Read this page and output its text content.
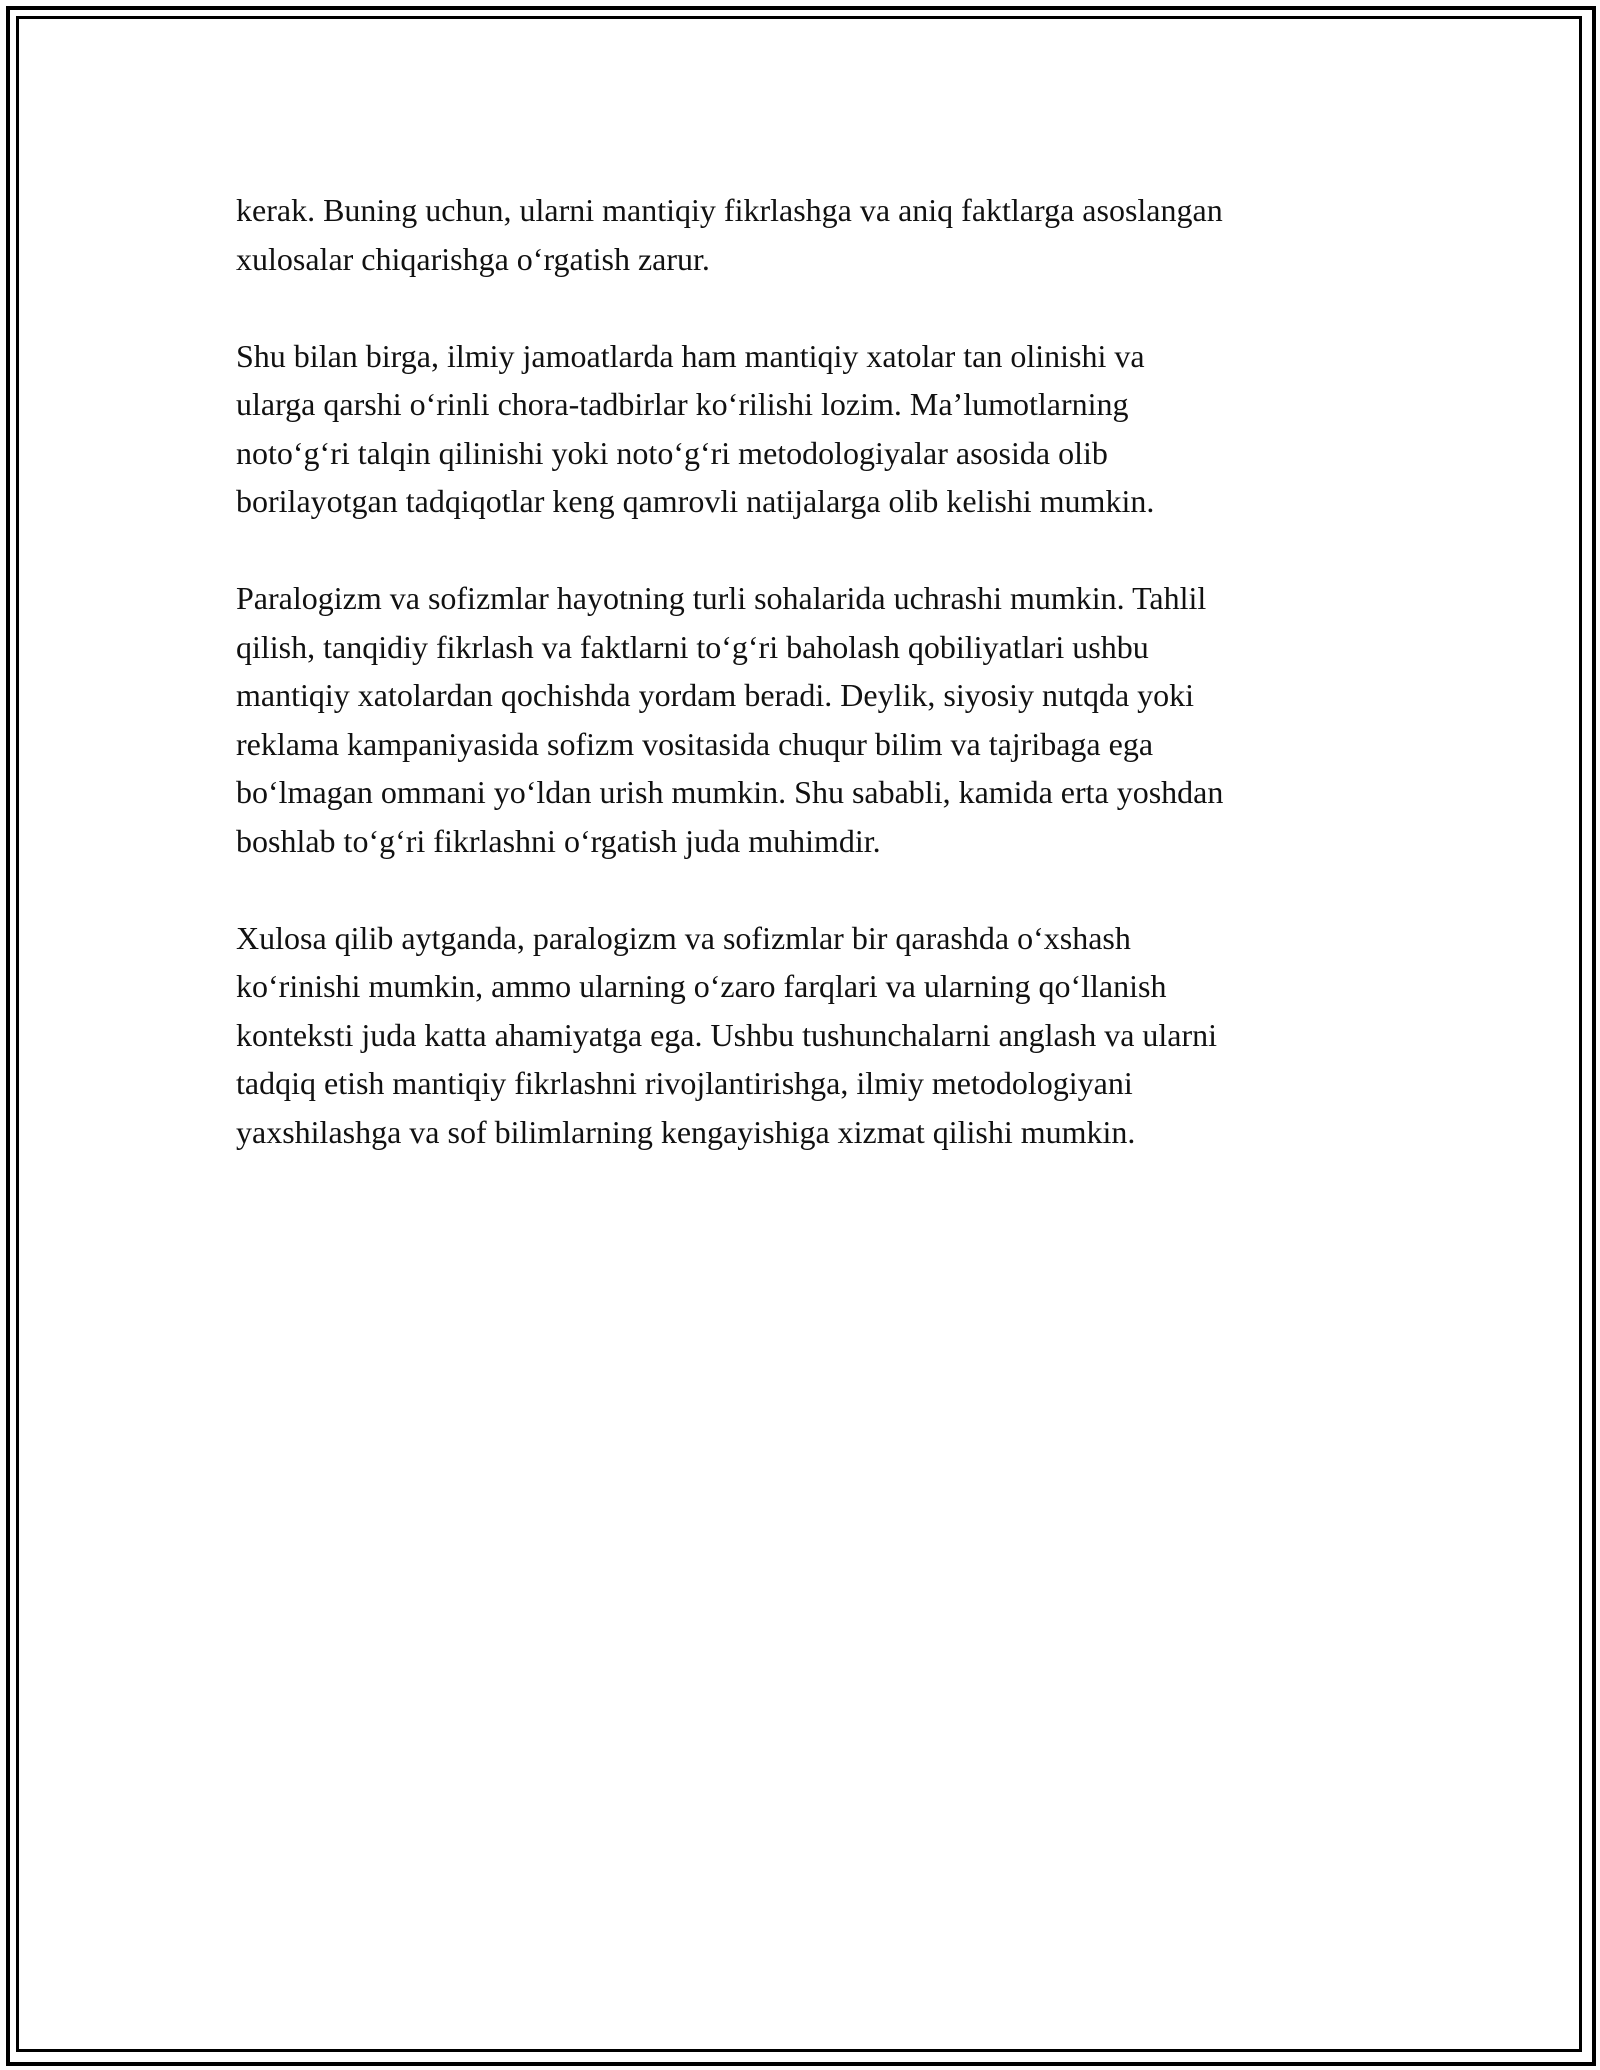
kerak. Buning uchun, ularni mantiqiy fikrlashga va aniq faktlarga asoslangan
xulosalar chiqarishga o‘rgatish zarur.

Shu bilan birga, ilmiy jamoatlarda ham mantiqiy xatolar tan olinishi va
ularga qarshi o‘rinli chora-tadbirlar ko‘rilishi lozim. Ma’lumotlarning
noto‘g‘ri talqin qilinishi yoki noto‘g‘ri metodologiyalar asosida olib
borilayotgan tadqiqotlar keng qamrovli natijalarga olib kelishi mumkin.

Paralogizm va sofizmlar hayotning turli sohalarida uchrashi mumkin. Tahlil
qilish, tanqidiy fikrlash va faktlarni to‘g‘ri baholash qobiliyatlari ushbu
mantiqiy xatolardan qochishda yordam beradi. Deylik, siyosiy nutqda yoki
reklama kampaniyasida sofizm vositasida chuqur bilim va tajribaga ega
bo‘lmagan ommani yo‘ldan urish mumkin. Shu sababli, kamida erta yoshdan
boshlab to‘g‘ri fikrlashni o‘rgatish juda muhimdir.

Xulosa qilib aytganda, paralogizm va sofizmlar bir qarashda o‘xshash
ko‘rinishi mumkin, ammo ularning o‘zaro farqlari va ularning qo‘llanish
konteksti juda katta ahamiyatga ega. Ushbu tushunchalarni anglash va ularni
tadqiq etish mantiqiy fikrlashni rivojlantirishga, ilmiy metodologiyani
yaxshilashga va sof bilimlarning kengayishiga xizmat qilishi mumkin.
